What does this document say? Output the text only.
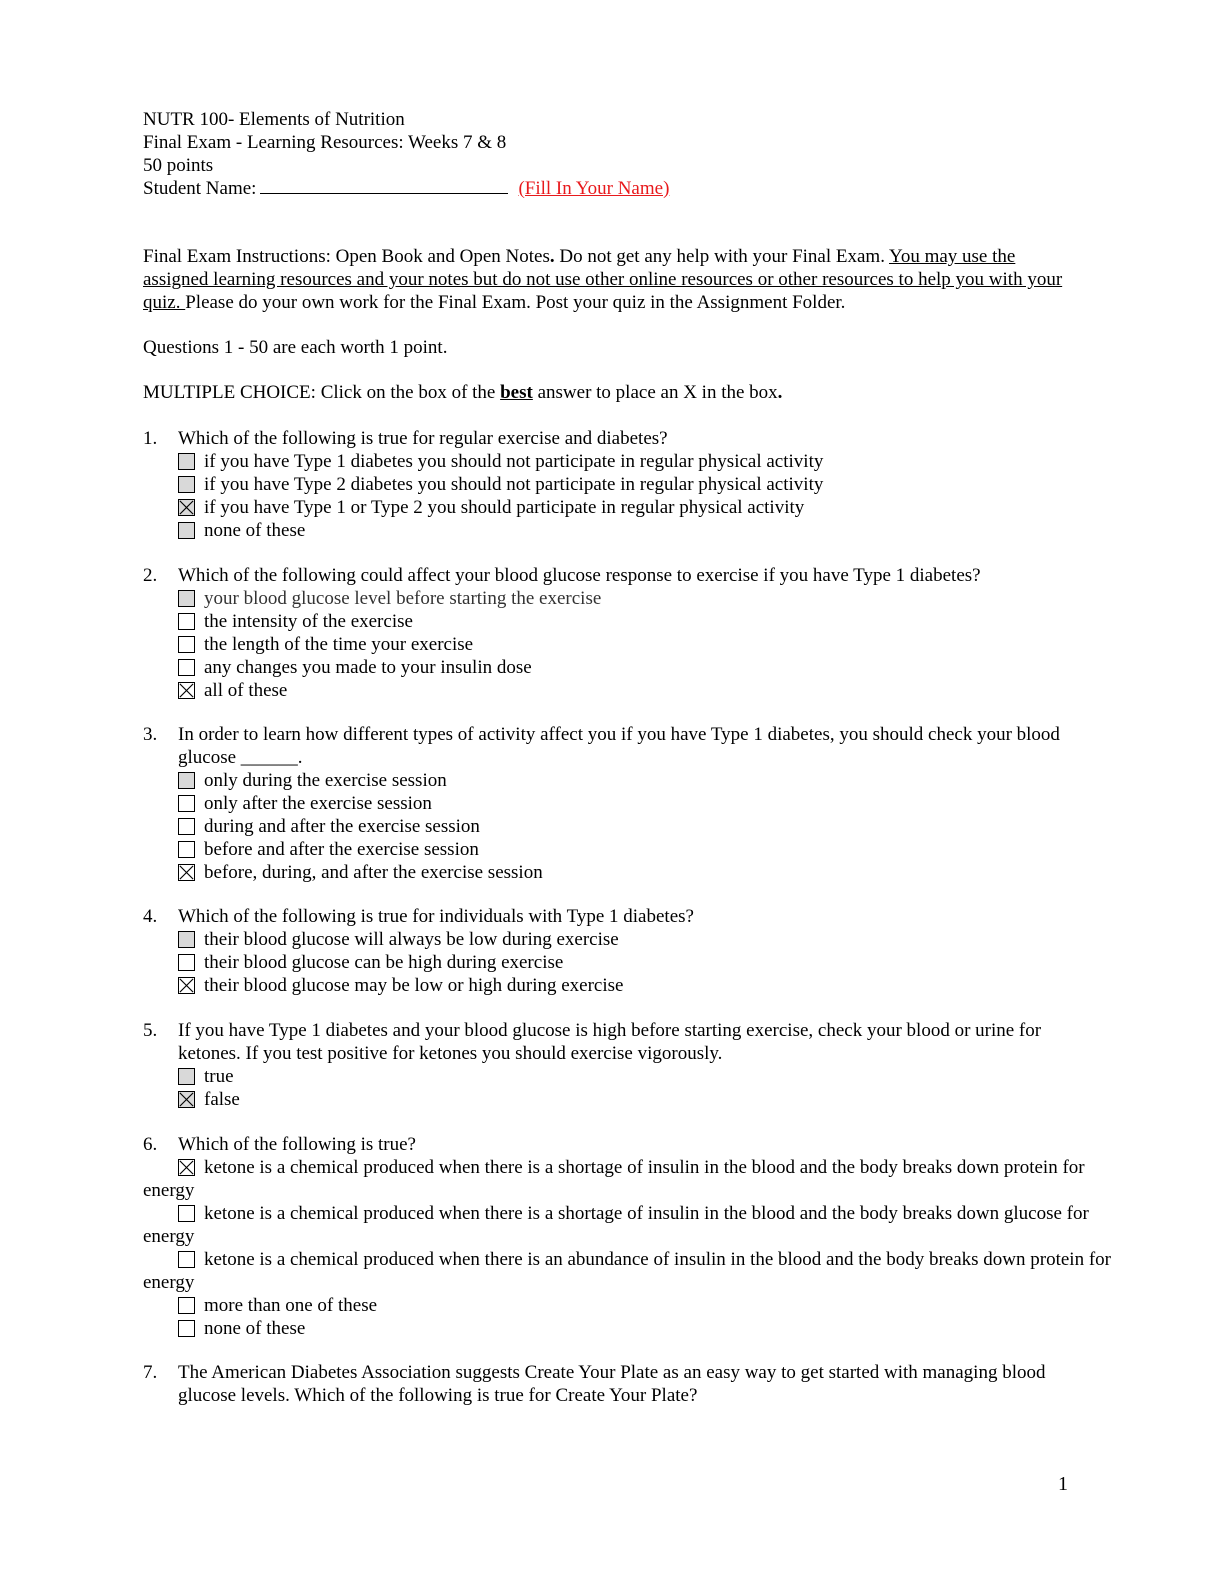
NUTR 100- Elements of Nutrition
Final Exam - Learning Resources: Weeks 7 & 8
50 points
Student Name:	(Fill In Your Name)
Final Exam Instructions: Open Book and Open Notes. Do not get any help with your Final Exam. You may use the assigned learning resources and your notes but do not use other online resources or other resources to help you with your quiz. Please do your own work for the Final Exam. Post your quiz in the Assignment Folder.
Questions 1 - 50 are each worth 1 point.
MULTIPLE CHOICE: Click on the box of the best answer to place an X in the box.
1.	Which of the following is true for regular exercise and diabetes?
if you have Type 1 diabetes you should not participate in regular physical activity
if you have Type 2 diabetes you should not participate in regular physical activity
if you have Type 1 or Type 2 you should participate in regular physical activity
none of these
2.	Which of the following could affect your blood glucose response to exercise if you have Type 1 diabetes?
your blood glucose level before starting the exercise
the intensity of the exercise
the length of the time your exercise
any changes you made to your insulin dose
all of these
3.	In order to learn how different types of activity affect you if you have Type 1 diabetes, you should check your blood glucose ______.
only during the exercise session
only after the exercise session
during and after the exercise session
before and after the exercise session
before, during, and after the exercise session
4.	Which of the following is true for individuals with Type 1 diabetes?
their blood glucose will always be low during exercise
their blood glucose can be high during exercise
their blood glucose may be low or high during exercise
5.	If you have Type 1 diabetes and your blood glucose is high before starting exercise, check your blood or urine for ketones. If you test positive for ketones you should exercise vigorously.
true
false
6.	Which of the following is true?
ketone is a chemical produced when there is a shortage of insulin in the blood and the body breaks down protein for energy
ketone is a chemical produced when there is a shortage of insulin in the blood and the body breaks down glucose for energy
ketone is a chemical produced when there is an abundance of insulin in the blood and the body breaks down protein for energy
more than one of these
none of these
7.	The American Diabetes Association suggests Create Your Plate as an easy way to get started with managing blood glucose levels. Which of the following is true for Create Your Plate?
1
